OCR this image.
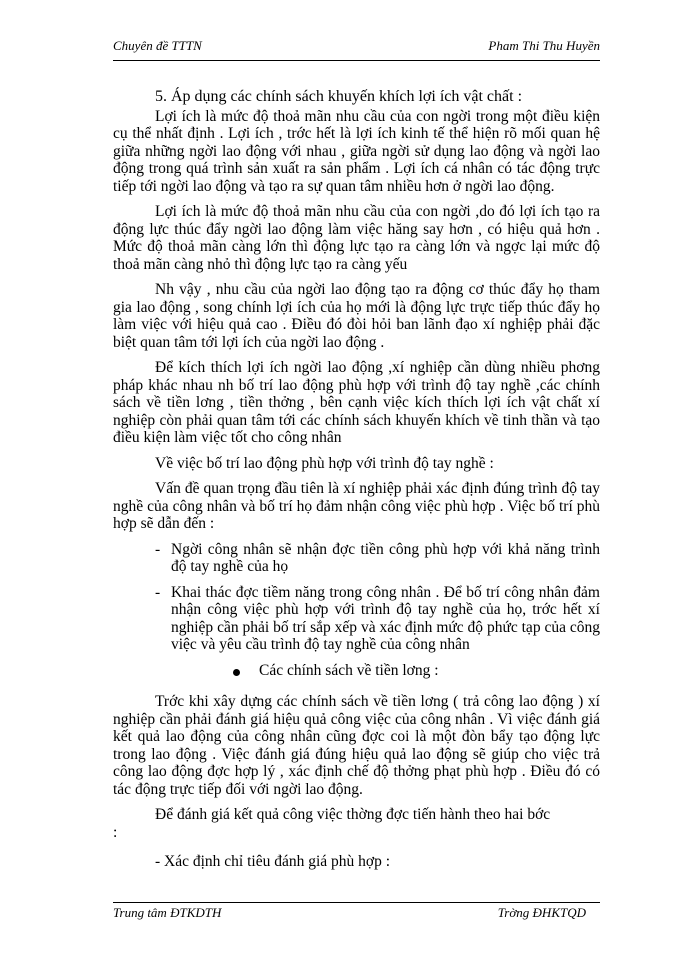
Chuyên đề TTTN	Pham Thi Thu Huyền

5. Áp dụng các chính sách khuyến khích lợi ích vật chất :

Lợi ích là mức độ thoả mãn nhu cầu của con ngời trong một điều kiện cụ thể nhất định . Lợi ích , trớc hết là lợi ích kinh tế thể hiện rõ mối quan hệ giữa những ngời lao động với nhau , giữa ngời sử dụng lao động và ngời lao động trong quá trình sản xuất ra sản phẩm . Lợi ích cá nhân có tác động trực tiếp tới ngời lao động và tạo ra sự quan tâm nhiều hơn ở ngời lao động.

Lợi ích là mức độ thoả mãn nhu cầu của con ngời ,do đó lợi ích tạo ra động lực thúc đẩy ngời lao động làm việc hăng say hơn , có hiệu quả hơn . Mức độ thoả mãn càng lớn thì động lực tạo ra càng lớn và ngợc lại mức độ thoả mãn càng nhỏ thì động lực tạo ra càng yếu

Nh vậy , nhu cầu của ngời lao động tạo ra động cơ thúc đẩy họ tham gia lao động , song chính lợi ích của họ mới là động lực trực tiếp thúc đẩy họ làm việc với hiệu quả cao . Điều đó đòi hỏi ban lãnh đạo xí nghiệp phải đặc biệt quan tâm tới lợi ích của ngời lao động .

Để kích thích lợi ích ngời lao động ,xí nghiệp cần dùng nhiều phơng pháp khác nhau nh bố trí lao động phù hợp với trình độ tay nghề ,các chính sách về tiền lơng , tiền thởng , bên cạnh việc kích thích lợi ích vật chất xí nghiệp còn phải quan tâm tới các chính sách khuyến khích về tinh thần và tạo điều kiện làm việc tốt cho công nhân

Về việc bố trí lao động phù hợp với trình độ tay nghề :

Vấn đề quan trọng đầu tiên là xí nghiệp phải xác định đúng trình độ tay nghề của công nhân và bố trí họ đảm nhận công việc phù hợp . Việc bố trí phù hợp sẽ dẫn đến :

- Ngời công nhân sẽ nhận đợc tiền công phù hợp với khả năng trình độ tay nghề của họ
- Khai thác đợc tiềm năng trong công nhân . Để bố trí công nhân đảm nhận công việc phù hợp với trình độ tay nghề của họ, trớc hết xí nghiệp cần phải bố trí sắp xếp và xác định mức độ phức tạp của công việc và yêu cầu trình độ tay nghề của công nhân
Các chính sách về tiền lơng :

Trớc khi xây dựng các chính sách về tiền lơng ( trả công lao động ) xí nghiệp cần phải đánh giá hiệu quả công việc của công nhân . Vì việc đánh giá kết quả lao động của công nhân cũng đợc coi là một đòn bẩy tạo động lực trong lao động . Việc đánh giá đúng hiệu quả lao động sẽ giúp cho việc trả công lao động đợc hợp lý , xác định chế độ thởng phạt phù hợp . Điều đó có tác động trực tiếp đối với ngời lao động.

Để đánh giá kết quả công việc thờng đợc tiến hành theo hai bớc

:

- Xác định chỉ tiêu đánh giá phù hợp :

Trung tâm ĐTKDTH	Trờng ĐHKTQD
